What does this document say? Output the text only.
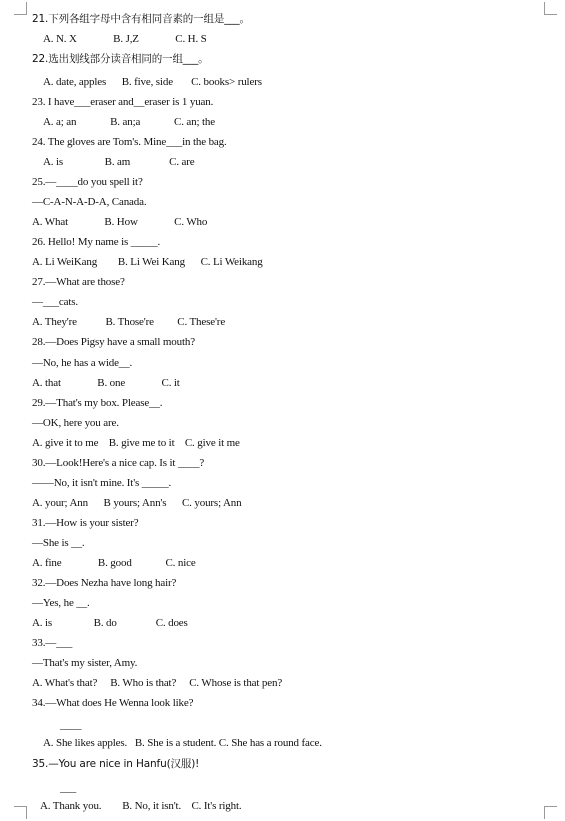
21.下列各组字母中含有相同音素的一组是___。
A. N. X              B. J,Z              C. H. S
22.选出划线部分读音相同的一组___。
A. date, apples      B. five, side       C. books> rulers
23. I have___eraser and__eraser is 1 yuan.
A. a; an             B. an;a             C. an; the
24. The gloves are Tom's. Mine___in the bag.
A. is                B. am               C. are
25.—____do you spell it?
—C-A-N-A-D-A, Canada.
A. What              B. How              C. Who
26. Hello! My name is _____.
A. Li WeiKang        B. Li Wei Kang      C. Li Weikang
27.—What are those?
—___cats.
A. They're           B. Those're         C. These're
28.—Does Pigsy have a small mouth?
—No, he has a wide__.
A. that              B. one              C. it
29.—That's my box. Please__.
—OK, here you are.
A. give it to me    B. give me to it    C. give it me
30.—Look!Here's a nice cap. Is it ____?
——No, it isn't mine. It's _____.
A. your; Ann      B yours; Ann's      C. yours; Ann
31.—How is your sister?
—She is __.
A. fine              B. good             C. nice
32.—Does Nezha have long hair?
—Yes, he __.
A. is                B. do               C. does
33.—___
—That's my sister, Amy.
A. What's that?     B. Who is that?     C. Whose is that pen?
34.—What does He Wenna look like?
____
A. She likes apples.   B. She is a student. C. She has a round face.
35.—You are nice in Hanfu(汉服)!
___
A. Thank you.        B. No, it isn't.    C. It's right.
